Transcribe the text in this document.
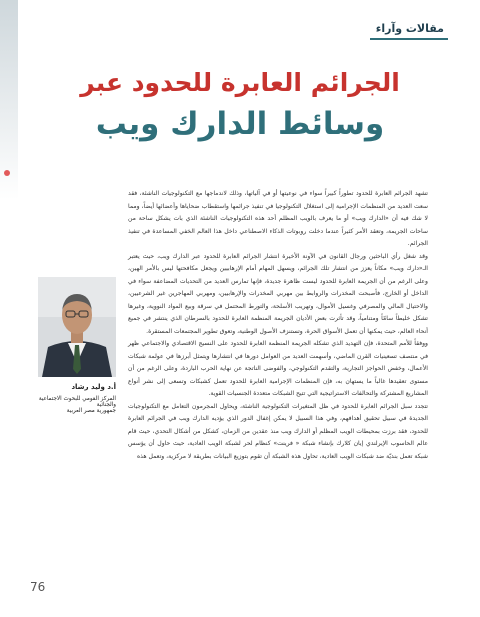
مقالات وآراء
الجرائم العابرة للحدود عبر
وسائط الدارك ويب

تشهد الجرائم العابرة للحدود تطوراً كبيراً سواء في نوعيتها أو في آلياتها، وذلك لاندماجها مع التكنولوجيات الناشئة، فقد سعت العديد من المنظمات الإجرامية إلى استغلال التكنولوجيا في تنفيذ جرائمها واستقطاب ضحاياها وأعضائها أيضاً، ومما لا شك فيه أن «الدارك ويب» أو ما يعرف بالويب المظلم أحد هذه التكنولوجيات الناشئة الذي بات يشكل ساحة من ساحات الجريمة، وتعقد الأمر كثيراً عندما دخلت روبوتات الذكاء الاصطناعي داخل هذا العالم الخفي المساعدة في تنفيذ الجرائم.

وقد شغل رأي الباحثين ورجال القانون في الآونة الأخيرة انتشار الجرائم العابرة للحدود عبر الدارك ويب، حيث يعتبر الـ«دارك ويب» مكاناً يعزز من انتشار تلك الجرائم، ويسهل المهام أمام الإرهابيين ويجعل مكافحتها ليس بالأمر الهين، وعلى الرغم من أن الجريمة العابرة للحدود ليست ظاهرة جديدة، فإنها تمارس العديد من التحديات المضاعفة سواء في الداخل أو الخارج، فأصبحت المخدرات والروابط بين مهربي المخدرات والإرهابيين، ومهربي المهاجرين غير الشرعيين، والاحتيال المالي والمصرفي وغسيل الأموال، وتهريب الأسلحة، والتورط المحتمل في سرقة وبيع المواد النووية، وغيرها تشكل خليطاً سامّاً ومتنامياً، وقد تأثرت بعض الأديان الجريمة المنظمة العابرة للحدود بالسرطان الذي ينتشر في جميع أنحاء العالم، حيث يمكنها أن تعمل الأسواق الحرة، وتستنزف الأصول الوطنية، وتعوق تطوير المجتمعات المستقرة.

ووفقاً للأمم المتحدة، فإن التهديد الذي تشكله الجريمة المنظمة العابرة للحدود على النسيج الاقتصادي والاجتماعي ظهر في منتصف تسعينيات القرن الماضي، وأسهمت العديد من العوامل دورها في انتشارها ويتمثل أبرزها في عولمة شبكات الأعمال، وخفض الحواجز التجارية، والتقدم التكنولوجي، والفوضى الناتجة عن نهاية الحرب الباردة، وعلى الرغم من أن مستوى تعقيدها غالباً ما يستهان به، فإن المنظمات الإجرامية العابرة للحدود تعمل كشبكات وتسعى إلى نشر أنواع المشاريع المشتركة والتحالفات الاستراتيجية التي تتيح الشبكات متعددة الجنسيات القوية.

تتجدد سبل الجرائم العابرة للحدود في ظل المتغيرات التكنولوجية الناشئة، ويحاول المجرمون التعامل مع التكنولوجيات الجديدة في سبيل تحقيق أهدافهم، وفي هذا السبيل لا يمكن إغفال الدور الذي يؤديه الدارك ويب في الجرائم العابرة للحدود، فقد برزت بمحيطات الويب المظلم أو الدارك ويب منذ عقدين من الزمان، كشكل من أشكال التحدي، حيث قام عالم الحاسوب الإيرلندي إيان كلارك بإنشاء شبكة « فرينت» كنظام لحر لشبكة الويب العادية، حيث حاول أن يؤسس شبكة تعمل بنديّة ضد شبكات الويب العادية، تحاول هذه الشبكة أن تقوم بتوزيع البيانات بطريقة لا مركزية، وتعمل هذه

أ.د وليد رشاد
المركز القومي للبحوث الاجتماعية والجنائية
جمهورية مصر العربية
76
